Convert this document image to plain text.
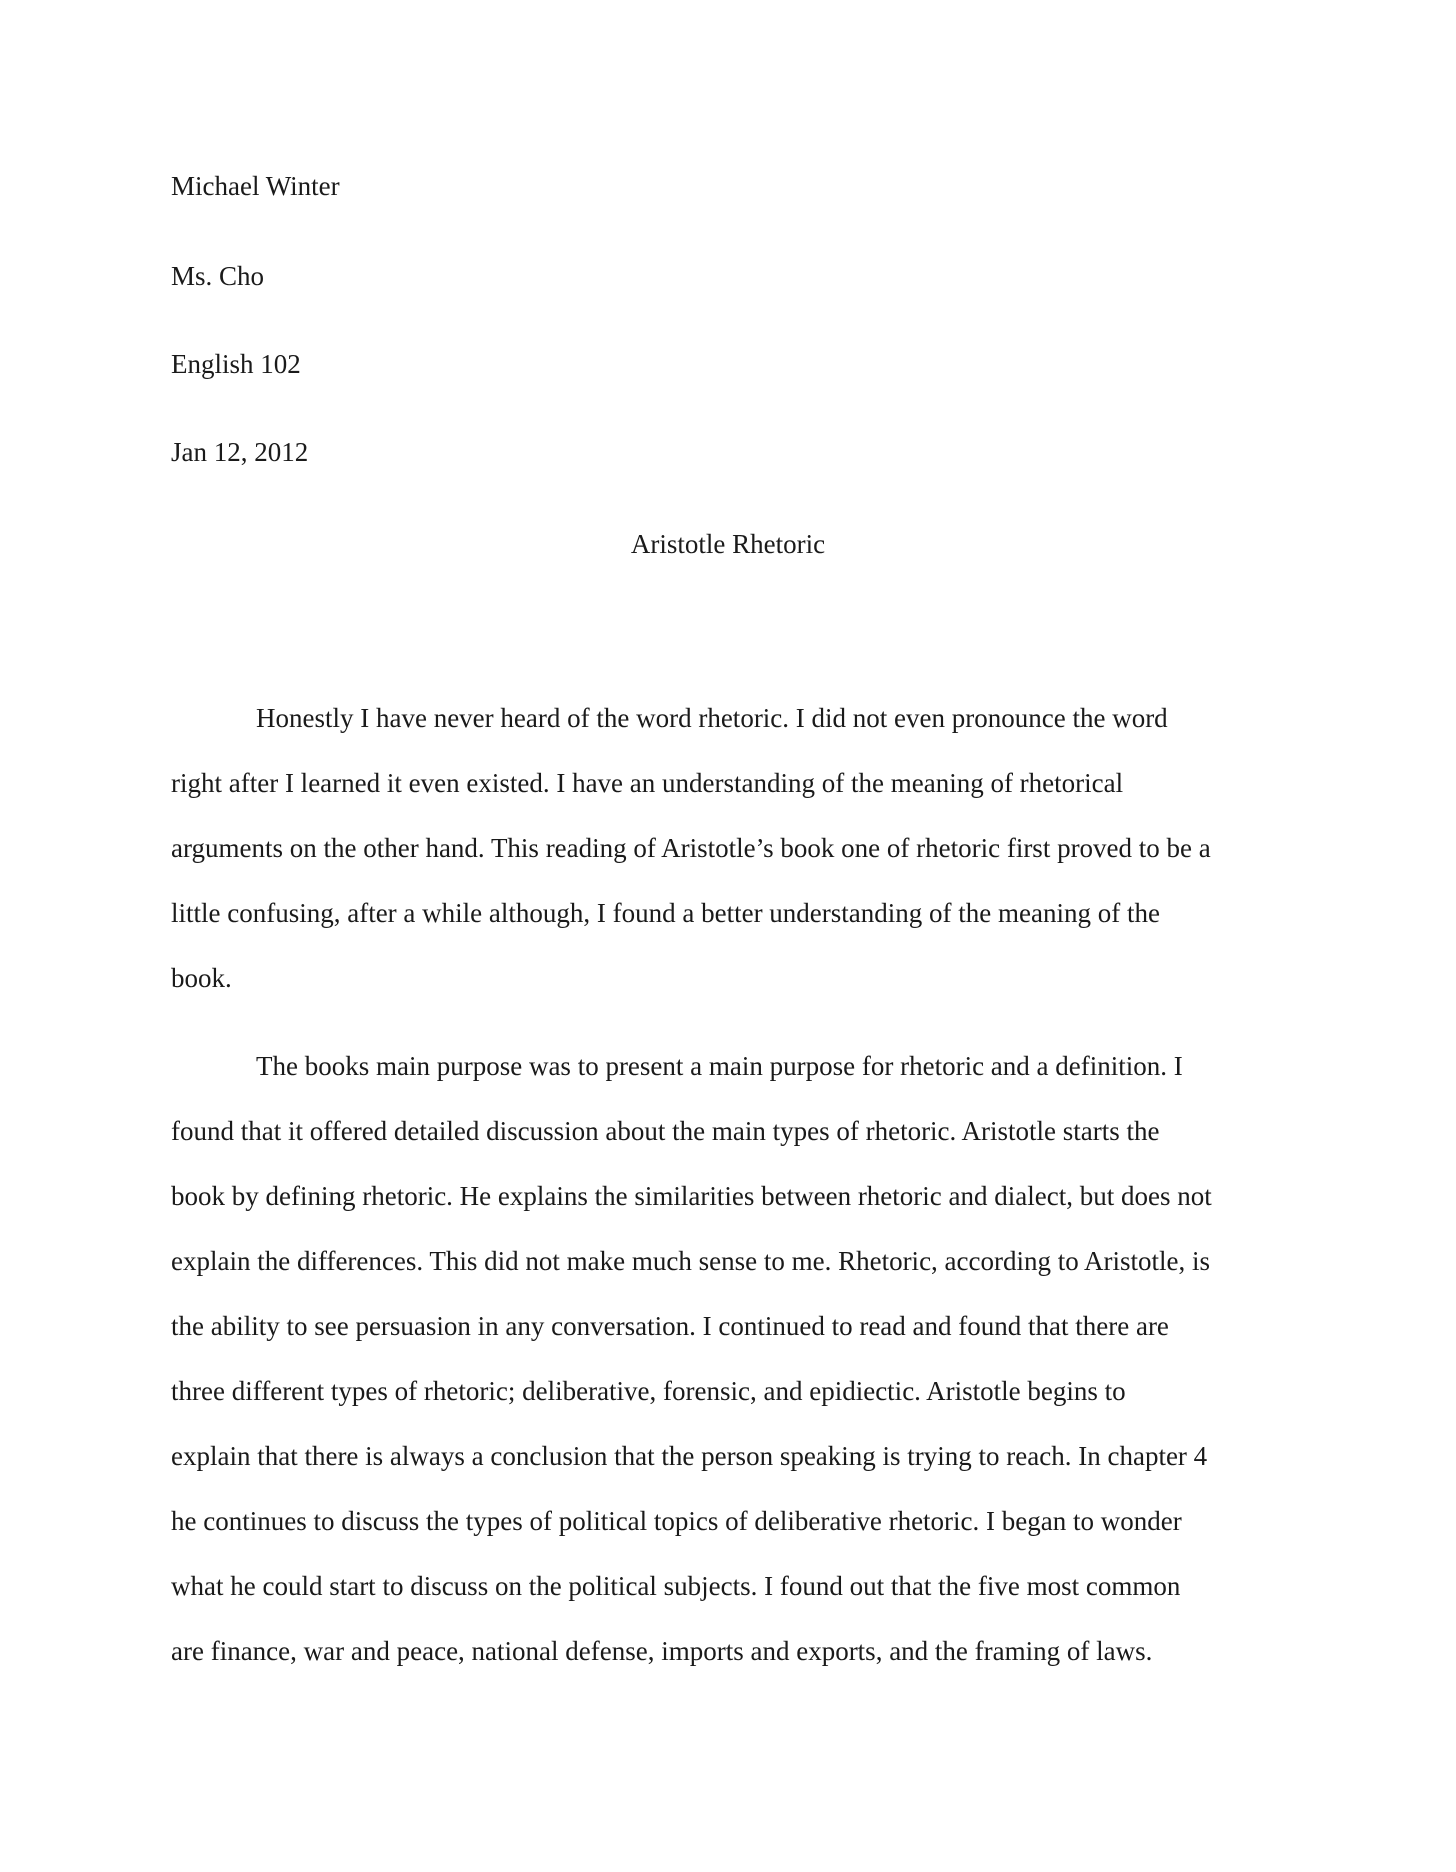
Michael Winter
Ms. Cho
English 102
Jan 12, 2012
Aristotle Rhetoric
Honestly I have never heard of the word rhetoric. I did not even pronounce the word
right after I learned it even existed. I have an understanding of the meaning of rhetorical
arguments on the other hand. This reading of Aristotle’s book one of rhetoric first proved to be a
little confusing, after a while although, I found a better understanding of the meaning of the
book.
The books main purpose was to present a main purpose for rhetoric and a definition. I
found that it offered detailed discussion about the main types of rhetoric. Aristotle starts the
book by defining rhetoric. He explains the similarities between rhetoric and dialect, but does not
explain the differences. This did not make much sense to me. Rhetoric, according to Aristotle, is
the ability to see persuasion in any conversation. I continued to read and found that there are
three different types of rhetoric; deliberative, forensic, and epidiectic. Aristotle begins to
explain that there is always a conclusion that the person speaking is trying to reach. In chapter 4
he continues to discuss the types of political topics of deliberative rhetoric. I began to wonder
what he could start to discuss on the political subjects. I found out that the five most common
are finance, war and peace, national defense, imports and exports, and the framing of laws.
